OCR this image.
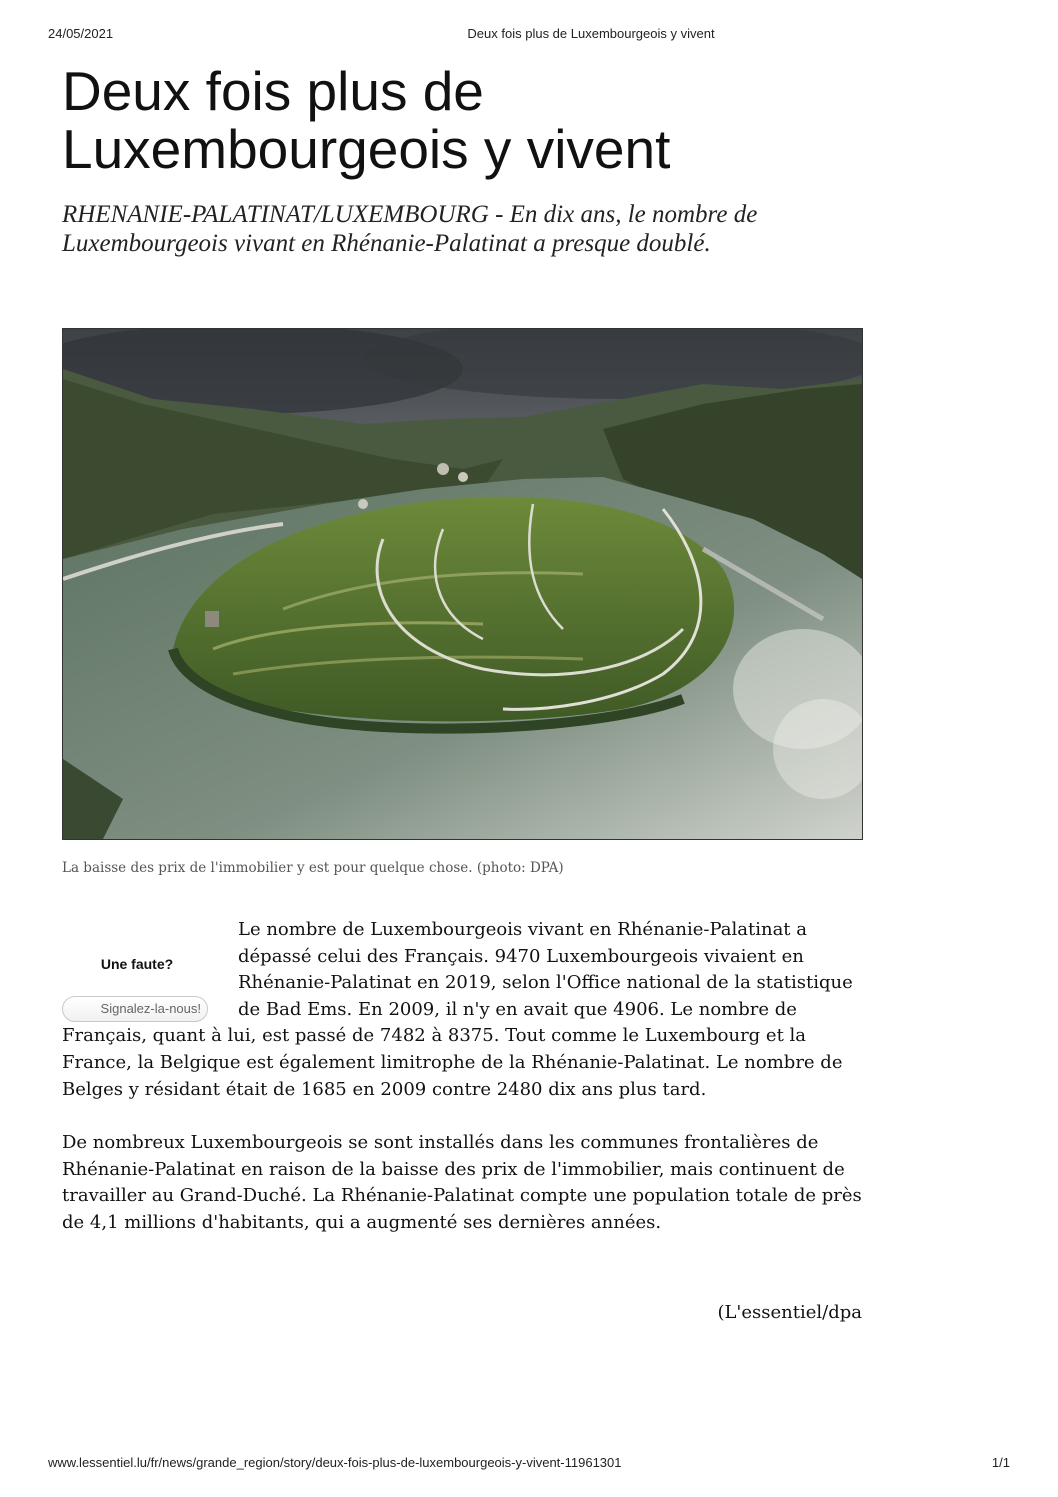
24/05/2021	Deux fois plus de Luxembourgeois y vivent
Deux fois plus de Luxembourgeois y vivent

RHENANIE-PALATINAT/LUXEMBOURG - En dix ans, le nombre de Luxembourgeois vivant en Rhénanie-Palatinat a presque doublé.

La baisse des prix de l'immobilier y est pour quelque chose. (photo: DPA)
Une faute?
Signalez-la-nous!

Le nombre de Luxembourgeois vivant en Rhénanie-Palatinat a dépassé celui des Français. 9470 Luxembourgeois vivaient en Rhénanie-Palatinat en 2019, selon l'Office national de la statistique de Bad Ems. En 2009, il n'y en avait que 4906. Le nombre de Français, quant à lui, est passé de 7482 à 8375. Tout comme le Luxembourg et la France, la Belgique est également limitrophe de la Rhénanie-Palatinat. Le nombre de Belges y résidant était de 1685 en 2009 contre 2480 dix ans plus tard.

De nombreux Luxembourgeois se sont installés dans les communes frontalières de Rhénanie-Palatinat en raison de la baisse des prix de l'immobilier, mais continuent de travailler au Grand-Duché. La Rhénanie-Palatinat compte une population totale de près de 4,1 millions d'habitants, qui a augmenté ses dernières années.

(L'essentiel/dpa
www.lessentiel.lu/fr/news/grande_region/story/deux-fois-plus-de-luxembourgeois-y-vivent-11961301	1/1
